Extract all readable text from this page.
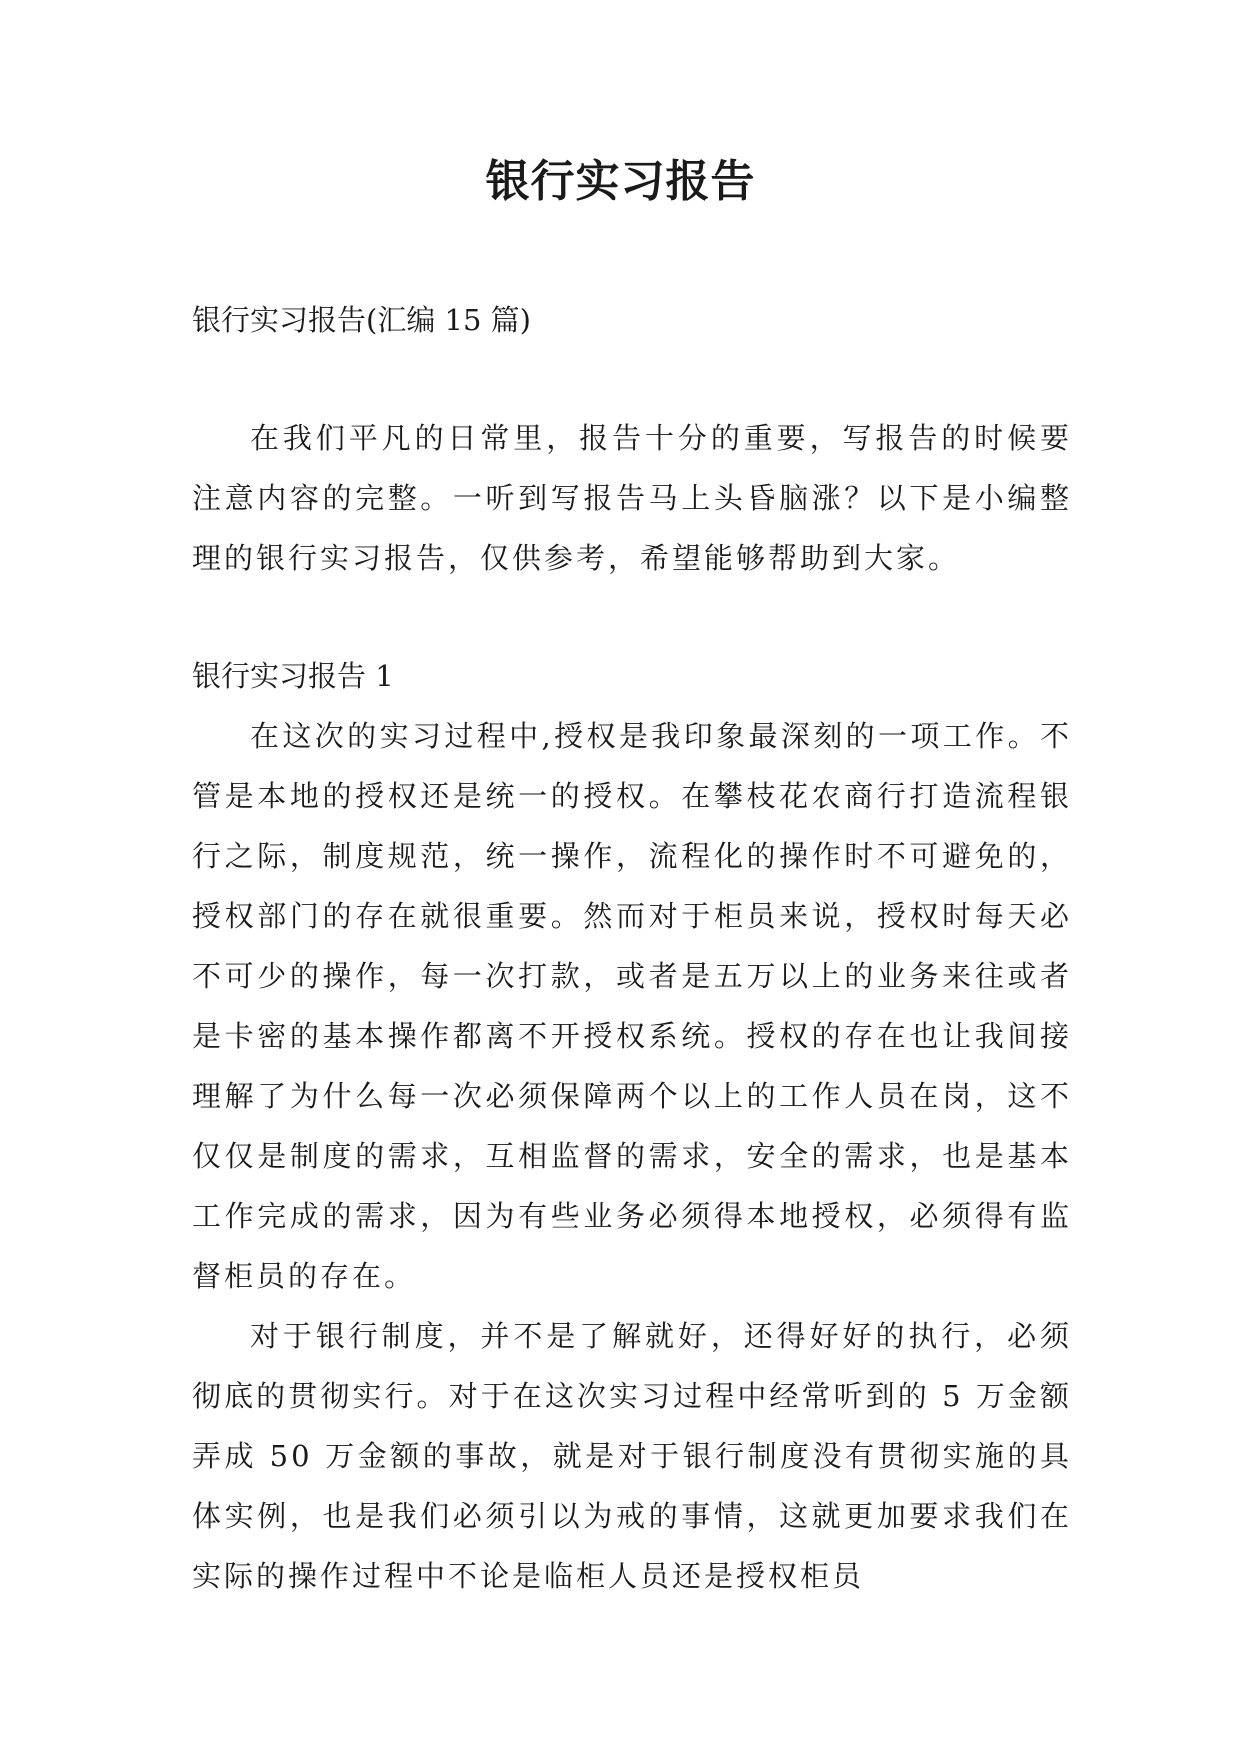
银行实习报告
银行实习报告(汇编 15 篇)

在我们平凡的日常里，报告十分的重要，写报告的时候要注意内容的完整。一听到写报告马上头昏脑涨？以下是小编整理的银行实习报告，仅供参考，希望能够帮助到大家。

银行实习报告 1

在这次的实习过程中,授权是我印象最深刻的一项工作。不管是本地的授权还是统一的授权。在攀枝花农商行打造流程银行之际，制度规范，统一操作，流程化的操作时不可避免的，授权部门的存在就很重要。然而对于柜员来说，授权时每天必不可少的操作，每一次打款，或者是五万以上的业务来往或者是卡密的基本操作都离不开授权系统。授权的存在也让我间接理解了为什么每一次必须保障两个以上的工作人员在岗，这不仅仅是制度的需求，互相监督的需求，安全的需求，也是基本工作完成的需求，因为有些业务必须得本地授权，必须得有监督柜员的存在。

对于银行制度，并不是了解就好，还得好好的执行，必须彻底的贯彻实行。对于在这次实习过程中经常听到的 5 万金额弄成 50 万金额的事故，就是对于银行制度没有贯彻实施的具体实例，也是我们必须引以为戒的事情，这就更加要求我们在实际的操作过程中不论是临柜人员还是授权柜员
